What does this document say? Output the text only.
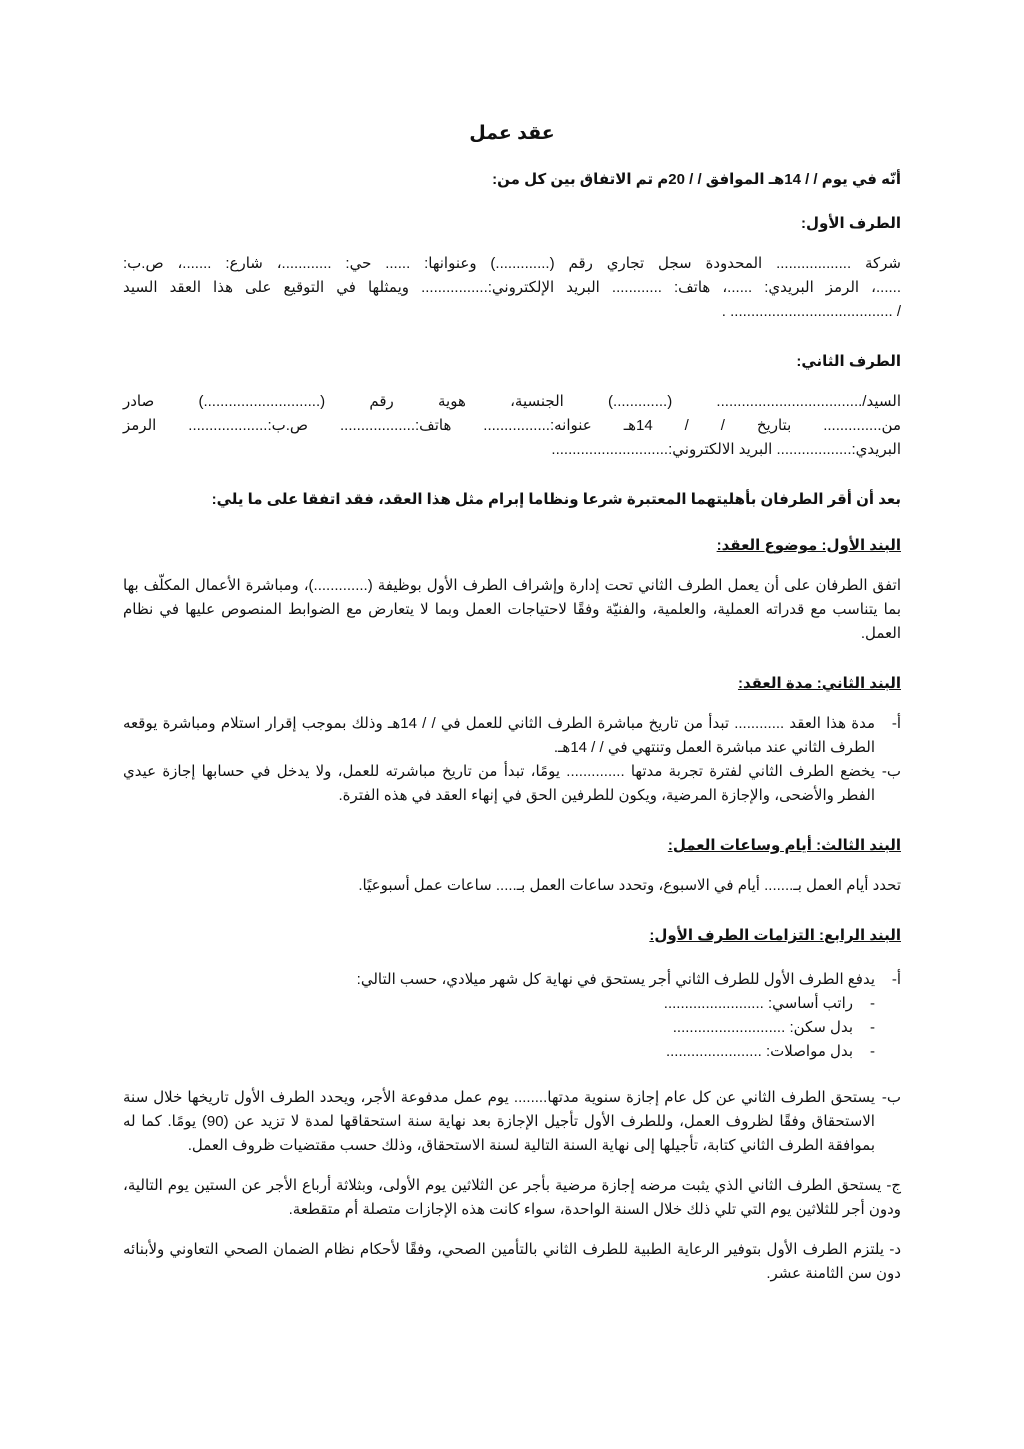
عقد عمل
أنّه في يوم / / 14هـ الموافق / / 20م تم الاتفاق بين كل من:
الطرف الأول:
شركة .................. المحدودة سجل تجاري رقم (.............) وعنوانها: ...... حي: ............، شارع: .......، ص.ب:
......، الرمز البريدي: ......، هاتف: ............ البريد الإلكتروني:................ ويمثلها في التوقيع على هذا العقد السيد
/ ....................................... .
الطرف الثاني:
السيد/................................... (.............) الجنسية، هوية رقم (............................) صادر
من.............. بتاريخ / / 14هـ عنوانه:................ هاتف:.................. ص.ب:................... الرمز
البريدي:.................. البريد الالكتروني:............................
بعد أن أقر الطرفان بأهليتهما المعتبرة شرعا ونظاما إبرام مثل هذا العقد، فقد اتفقا على ما يلي:
البند الأول: موضوع العقد:

اتفق الطرفان على أن يعمل الطرف الثاني تحت إدارة وإشراف الطرف الأول بوظيفة (.............)، ومباشرة الأعمال المكلّف بها بما يتناسب مع قدراته العملية، والعلمية، والفنيّة وفقًا لاحتياجات العمل وبما لا يتعارض مع الضوابط المنصوص عليها في نظام العمل.

البند الثاني: مدة العقد:
أ-
مدة هذا العقد ............ تبدأ من تاريخ مباشرة الطرف الثاني للعمل في / / 14هـ وذلك بموجب إقرار استلام ومباشرة يوقعه الطرف الثاني عند مباشرة العمل وتنتهي في / / 14هـ.
ب-
يخضع الطرف الثاني لفترة تجربة مدتها .............. يومًا، تبدأ من تاريخ مباشرته للعمل، ولا يدخل في حسابها إجازة عيدي الفطر والأضحى، والإجازة المرضية، ويكون للطرفين الحق في إنهاء العقد في هذه الفترة.
البند الثالث: أيام وساعات العمل:

تحدد أيام العمل بـ....... أيام في الاسبوع، وتحدد ساعات العمل بـ..... ساعات عمل أسبوعيًا.

البند الرابع: التزامات الطرف الأول:
أ-
يدفع الطرف الأول للطرف الثاني أجر يستحق في نهاية كل شهر ميلادي، حسب التالي:
-
راتب أساسي: ........................
-
بدل سكن: ...........................
-
بدل مواصلات: .......................
ب-
يستحق الطرف الثاني عن كل عام إجازة سنوية مدتها........ يوم عمل مدفوعة الأجر، ويحدد الطرف الأول تاريخها خلال سنة الاستحقاق وفقًا لظروف العمل، وللطرف الأول تأجيل الإجازة بعد نهاية سنة استحقاقها لمدة لا تزيد عن (90) يومًا. كما له بموافقة الطرف الثاني كتابة، تأجيلها إلى نهاية السنة التالية لسنة الاستحقاق، وذلك حسب مقتضيات ظروف العمل.

ج- يستحق الطرف الثاني الذي يثبت مرضه إجازة مرضية بأجر عن الثلاثين يوم الأولى، وبثلاثة أرباع الأجر عن الستين يوم التالية، ودون أجر للثلاثين يوم التي تلي ذلك خلال السنة الواحدة، سواء كانت هذه الإجازات متصلة أم متقطعة.

د- يلتزم الطرف الأول بتوفير الرعاية الطبية للطرف الثاني بالتأمين الصحي، وفقًا لأحكام نظام الضمان الصحي التعاوني ولأبنائه دون سن الثامنة عشر.
